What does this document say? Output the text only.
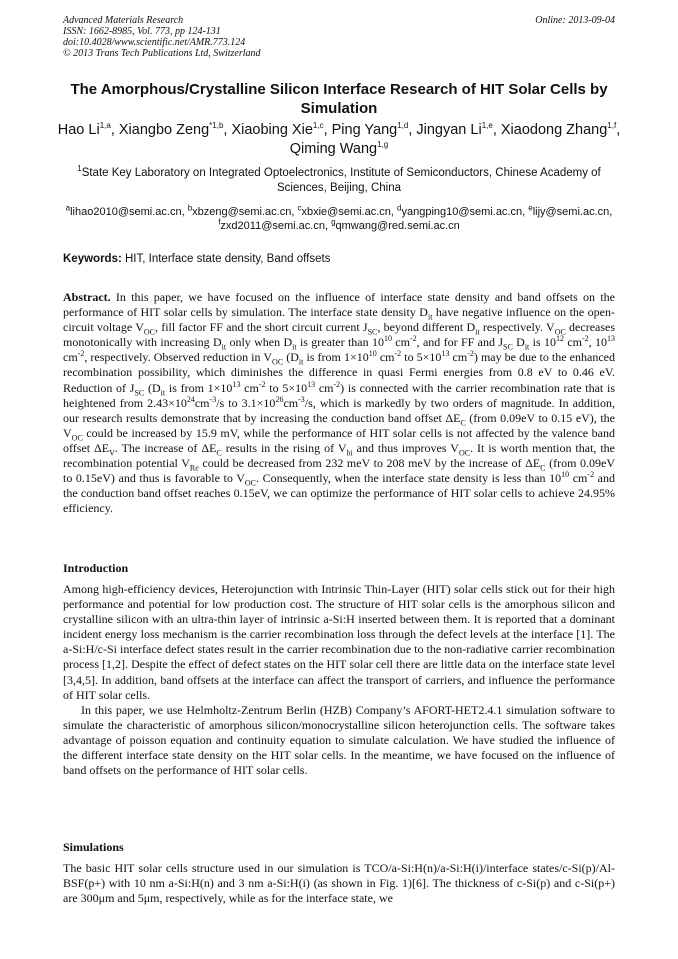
Advanced Materials Research
ISSN: 1662-8985, Vol. 773, pp 124-131
doi:10.4028/www.scientific.net/AMR.773.124
© 2013 Trans Tech Publications Ltd, Switzerland
Online: 2013-09-04
The Amorphous/Crystalline Silicon Interface Research of HIT Solar Cells by Simulation
Hao Li$^{1,a}$, Xiangbo Zeng$^{*1,b}$, Xiaobing Xie$^{1,c}$, Ping Yang$^{1,d}$, Jingyan Li$^{1,e}$, Xiaodong Zhang$^{1,f}$, Qiming Wang$^{1,g}$
$^1$State Key Laboratory on Integrated Optoelectronics, Institute of Semiconductors, Chinese Academy of Sciences, Beijing, China
$^a$lihao2010@semi.ac.cn, $^b$xbzeng@semi.ac.cn, $^c$xbxie@semi.ac.cn, $^d$yangping10@semi.ac.cn, $^e$lijy@semi.ac.cn, $^f$zxd2011@semi.ac.cn, $^g$qmwang@red.semi.ac.cn
Keywords: HIT, Interface state density, Band offsets

Abstract. In this paper, we have focused on the influence of interface state density and band offsets on the performance of HIT solar cells by simulation. The interface state density $D_{it}$ have negative influence on the open-circuit voltage $V_{OC}$, fill factor FF and the short circuit current $J_{SC}$, beyond different $D_{it}$ respectively. $V_{OC}$ decreases monotonically with increasing $D_{it}$ only when $D_{it}$ is greater than $10^{10}$ $cm^{-2}$, and for FF and $J_{SC}$ $D_{it}$ is $10^{12}$ $cm^{-2}$, $10^{13}$ $cm^{-2}$, respectively. Observed reduction in $V_{OC}$ ($D_{it}$ is from $1\times 10^{10}$ $cm^{-2}$ to $5\times 10^{13}$ $cm^{-2}$) may be due to the enhanced recombination possibility, which diminishes the difference in quasi Fermi energies from 0.8 eV to 0.46 eV. Reduction of $J_{SC}$ ($D_{it}$ is from $1\times 10^{13}$ $cm^{-2}$ to $5\times 10^{13}$ $cm^{-2}$) is connected with the carrier recombination rate that is heightened from $2.43\times 10^{24}cm^{-3}/s$ to $3.1\times 10^{26}cm^{-3}/s$, which is markedly by two orders of magnitude. In addition, our research results demonstrate that by increasing the conduction band offset $\Delta E_C$ (from 0.09eV to 0.15 eV), the $V_{OC}$ could be increased by 15.9 mV, while the performance of HIT solar cells is not affected by the valence band offset $\Delta E_V$. The increase of $\Delta E_C$ results in the rising of $V_{bi}$ and thus improves $V_{OC}$. It is worth mention that, the recombination potential $V_{Re}$ could be decreased from 232 meV to 208 meV by the increase of $\Delta E_C$ (from 0.09eV to 0.15eV) and thus is favorable to $V_{OC}$. Consequently, when the interface state density is less than $10^{10}$ $cm^{-2}$ and the conduction band offset reaches 0.15eV, we can optimize the performance of HIT solar cells to achieve 24.95% efficiency.

Introduction

Among high-efficiency devices, Heterojunction with Intrinsic Thin-Layer (HIT) solar cells stick out for their high performance and potential for low production cost. The structure of HIT solar cells is the amorphous silicon and crystalline silicon with an ultra-thin layer of intrinsic a-Si:H inserted between them. It is reported that a dominant incident energy loss mechanism is the carrier recombination loss through the defect levels at the interface [1]. The a-Si:H/c-Si interface defect states result in the carrier recombination due to the non-radiative carrier recombination process [1,2]. Despite the effect of defect states on the HIT solar cell there are little data on the interface state level [3,4,5]. In addition, band offsets at the interface can affect the transport of carriers, and influence the performance of HIT solar cells.

In this paper, we use Helmholtz-Zentrum Berlin (HZB) Company’s AFORT-HET2.4.1 simulation software to simulate the characteristic of amorphous silicon/monocrystalline silicon heterojunction cells. The software takes advantage of poisson equation and continuity equation to simulate calculation. We have studied the influence of the different interface state density on the HIT solar cells. In the meantime, we have focused on the influence of band offsets on the performance of HIT solar cells.

Simulations

The basic HIT solar cells structure used in our simulation is TCO/a-Si:H(n)/a-Si:H(i)/interface states/c-Si(p)/Al-BSF(p+) with 10 nm a-Si:H(n) and 3 nm a-Si:H(i) (as shown in Fig. 1)[6]. The thickness of c-Si(p) and c-Si(p+) are 300μm and 5μm, respectively, while as for the interface state, we
